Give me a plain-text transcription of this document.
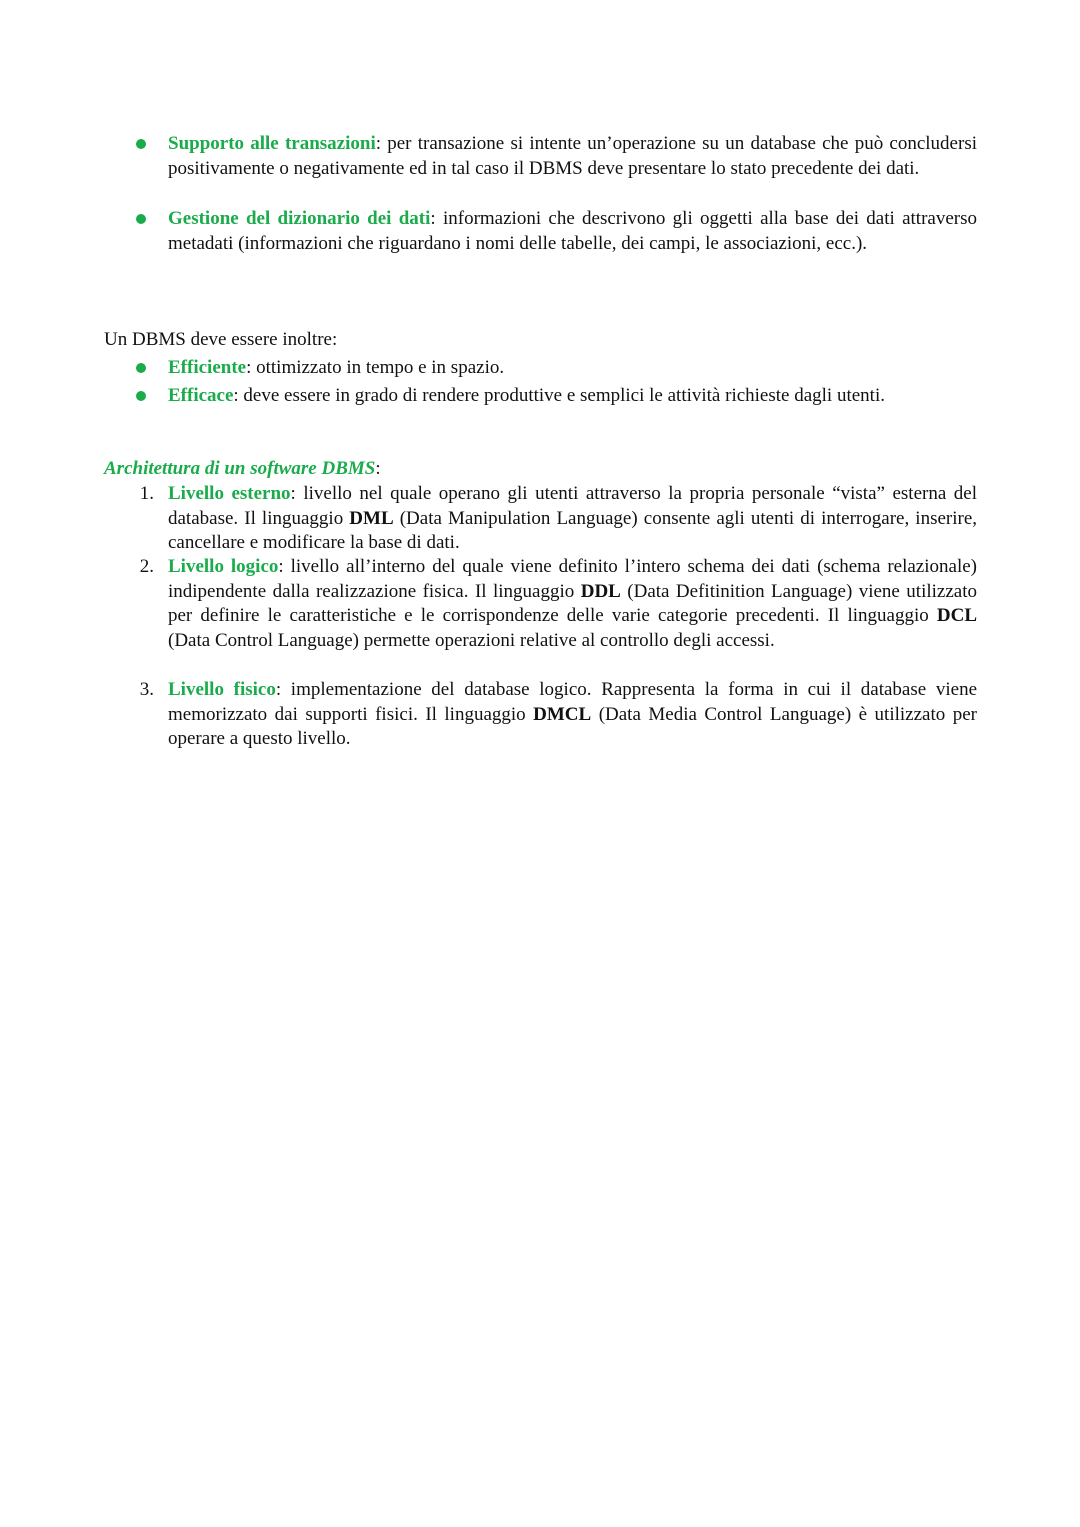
Supporto alle transazioni: per transazione si intente un’operazione su un database che può concludersi positivamente o negativamente ed in tal caso il DBMS deve presentare lo stato precedente dei dati.
Gestione del dizionario dei dati: informazioni che descrivono gli oggetti alla base dei dati attraverso metadati (informazioni che riguardano i nomi delle tabelle, dei campi, le associazioni, ecc.).
Un DBMS deve essere inoltre:
Efficiente: ottimizzato in tempo e in spazio.
Efficace: deve essere in grado di rendere produttive e semplici le attività richieste dagli utenti.
Architettura di un software DBMS:
1. Livello esterno: livello nel quale operano gli utenti attraverso la propria personale “vista” esterna del database. Il linguaggio DML (Data Manipulation Language) consente agli utenti di interrogare, inserire, cancellare e modificare la base di dati.
2. Livello logico: livello all’interno del quale viene definito l’intero schema dei dati (schema relazionale) indipendente dalla realizzazione fisica. Il linguaggio DDL (Data Defitinition Language) viene utilizzato per definire le caratteristiche e le corrispondenze delle varie categorie precedenti. Il linguaggio DCL (Data Control Language) permette operazioni relative al controllo degli accessi.
3. Livello fisico: implementazione del database logico. Rappresenta la forma in cui il database viene memorizzato dai supporti fisici. Il linguaggio DMCL (Data Media Control Language) è utilizzato per operare a questo livello.
